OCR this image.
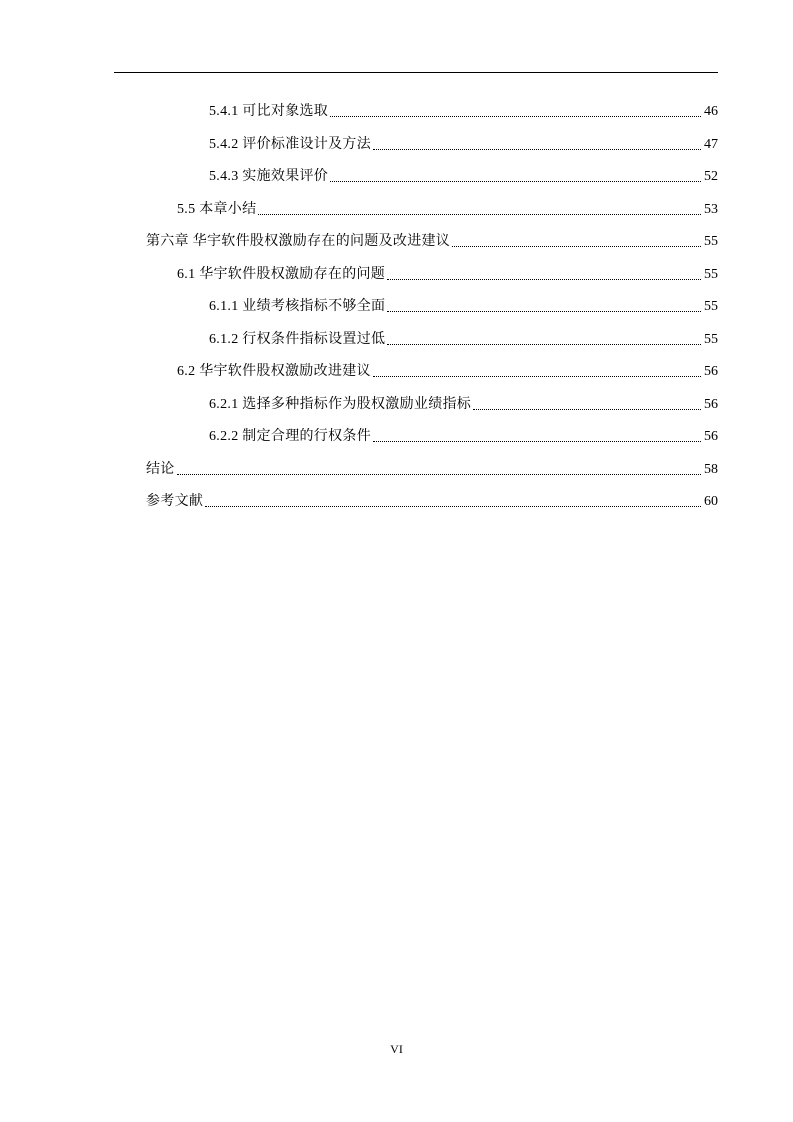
5.4.1 可比对象选取	46
5.4.2 评价标准设计及方法	47
5.4.3 实施效果评价	52
5.5 本章小结	53
第六章 华宇软件股权激励存在的问题及改进建议	55
6.1 华宇软件股权激励存在的问题	55
6.1.1 业绩考核指标不够全面	55
6.1.2 行权条件指标设置过低	55
6.2 华宇软件股权激励改进建议	56
6.2.1 选择多种指标作为股权激励业绩指标	56
6.2.2 制定合理的行权条件	56
结论	58
参考文献	60
VI
